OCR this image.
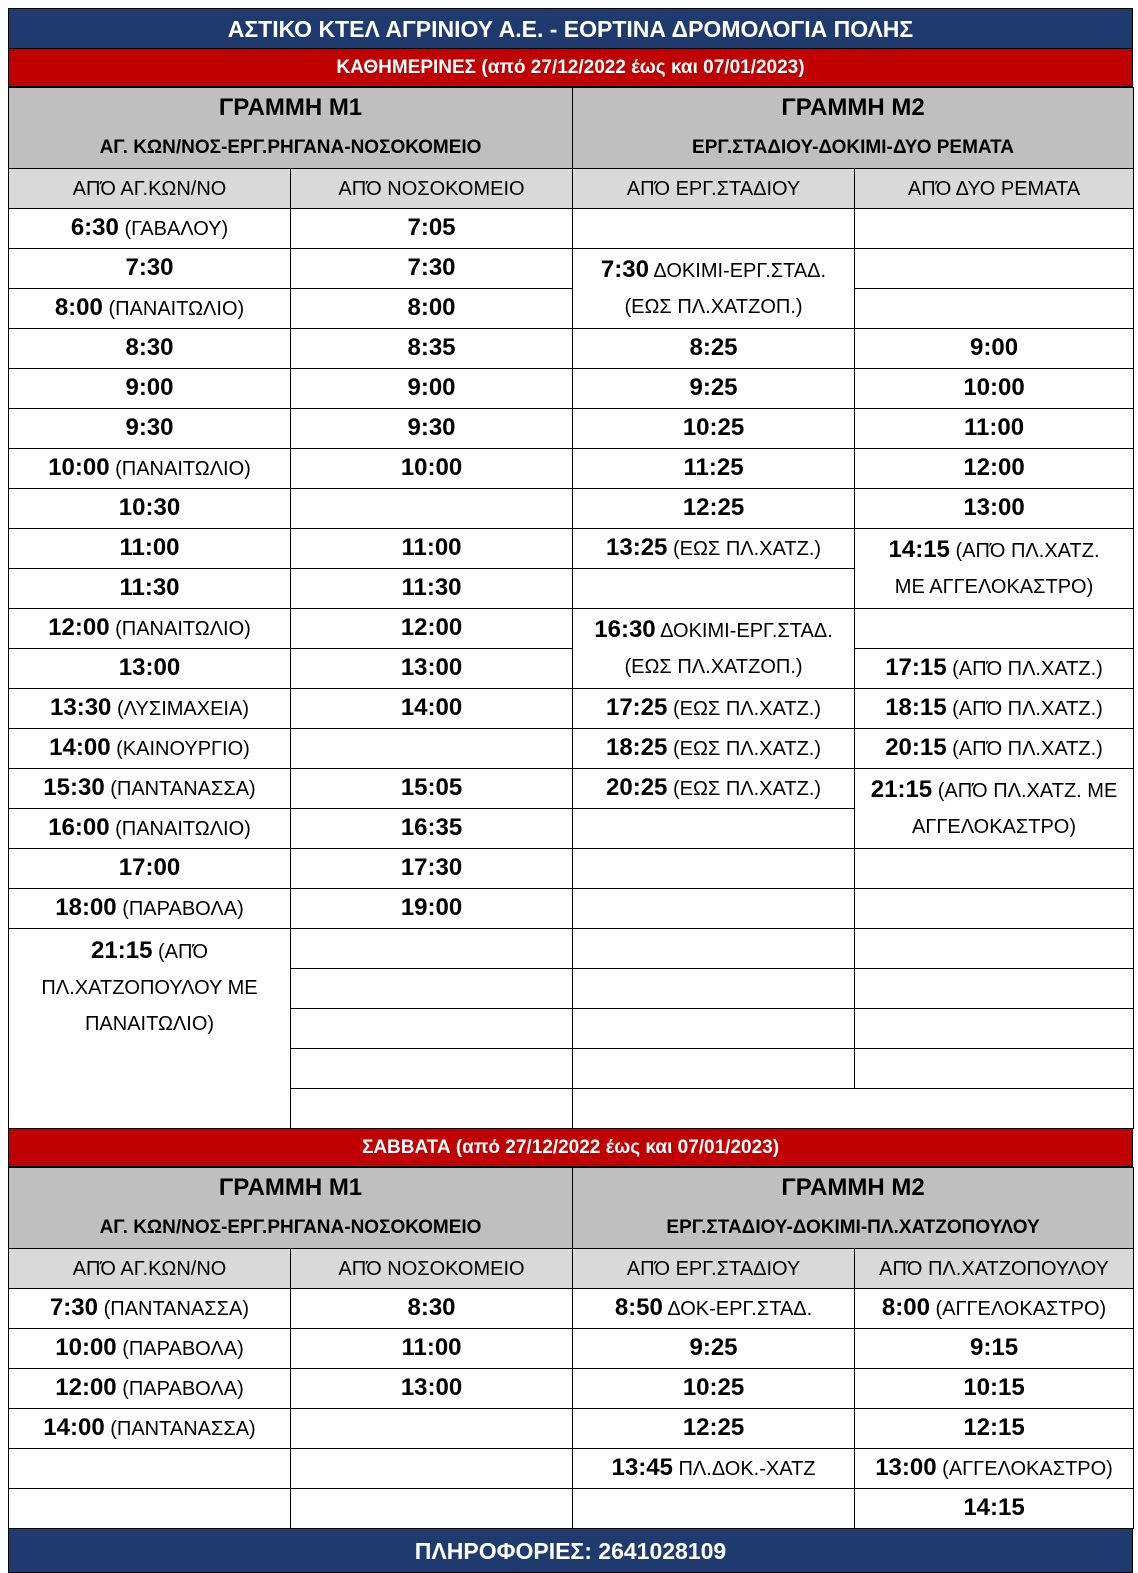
ΑΣΤΙΚΟ ΚΤΕΛ ΑΓΡΙΝΙΟΥ Α.Ε. - ΕΟΡΤΙΝΑ ΔΡΟΜΟΛΟΓΙΑ ΠΟΛΗΣ
ΚΑΘΗΜΕΡΙΝΕΣ (από 27/12/2022 έως και 07/01/2023)
ΓΡΑΜΜΗ Μ1
ΑΓ. ΚΩΝ/ΝΟΣ-ΕΡΓ.ΡΗΓΑΝΑ-ΝΟΣΟΚΟΜΕΙΟ		ΓΡΑΜΜΗ Μ2
ΕΡΓ.ΣΤΑΔΙΟΥ-ΔΟΚΙΜΙ-ΔΥΟ ΡΕΜΑΤΑ	

ΑΠΌ ΑΓ.ΚΩΝ/ΝΟ	ΑΠΌ ΝΟΣΟΚΟΜΕΙΟ	ΑΠΌ ΕΡΓ.ΣΤΑΔΙΟΥ	ΑΠΌ ΔΥΟ ΡΕΜΑΤΑ
6:30 (ΓΑΒΑΛΟΥ)	7:05		
7:30	7:30	7:30 ΔΟΚΙΜΙ-ΕΡΓ.ΣΤΑΔ.
(ΕΩΣ ΠΛ.ΧΑΤΖΟΠ.)	
8:00 (ΠΑΝΑΙΤΩΛΙΟ)	8:00		
8:30	8:35	8:25	9:00
9:00	9:00	9:25	10:00
9:30	9:30	10:25	11:00
10:00 (ΠΑΝΑΙΤΩΛΙΟ)	10:00	11:25	12:00
10:30		12:25	13:00
11:00	11:00	13:25 (ΕΩΣ ΠΛ.ΧΑΤΖ.)	14:15 (ΑΠΌ ΠΛ.ΧΑΤΖ.
ΜΕ ΑΓΓΕΛΟΚΑΣΤΡΟ)
11:30	11:30		
12:00 (ΠΑΝΑΙΤΩΛΙΟ)	12:00	16:30 ΔΟΚΙΜΙ-ΕΡΓ.ΣΤΑΔ.
(ΕΩΣ ΠΛ.ΧΑΤΖΟΠ.)	
13:00	13:00		17:15 (ΑΠΌ ΠΛ.ΧΑΤΖ.)
13:30 (ΛΥΣΙΜΑΧΕΙΑ)	14:00	17:25 (ΕΩΣ ΠΛ.ΧΑΤΖ.)	18:15 (ΑΠΌ ΠΛ.ΧΑΤΖ.)
14:00 (ΚΑΙΝΟΥΡΓΙΟ)		18:25 (ΕΩΣ ΠΛ.ΧΑΤΖ.)	20:15 (ΑΠΌ ΠΛ.ΧΑΤΖ.)
15:30 (ΠΑΝΤΑΝΑΣΣΑ)	15:05	20:25 (ΕΩΣ ΠΛ.ΧΑΤΖ.)	21:15 (ΑΠΌ ΠΛ.ΧΑΤΖ. ΜΕ
ΑΓΓΕΛΟΚΑΣΤΡΟ)
16:00 (ΠΑΝΑΙΤΩΛΙΟ)	16:35		
17:00	17:30		
18:00 (ΠΑΡΑΒΟΛΑ)	19:00		
21:15 (ΑΠΌ
ΠΛ.ΧΑΤΖΟΠΟΥΛΟΥ ΜΕ
ΠΑΝΑΙΤΩΛΙΟ)			

ΣΑΒΒΑΤΑ (από 27/12/2022 έως και 07/01/2023)
ΓΡΑΜΜΗ Μ1
ΑΓ. ΚΩΝ/ΝΟΣ-ΕΡΓ.ΡΗΓΑΝΑ-ΝΟΣΟΚΟΜΕΙΟ		ΓΡΑΜΜΗ Μ2
ΕΡΓ.ΣΤΑΔΙΟΥ-ΔΟΚΙΜΙ-ΠΛ.ΧΑΤΖΟΠΟΥΛΟΥ	

ΑΠΌ ΑΓ.ΚΩΝ/ΝΟ	ΑΠΌ ΝΟΣΟΚΟΜΕΙΟ	ΑΠΌ ΕΡΓ.ΣΤΑΔΙΟΥ	ΑΠΌ ΠΛ.ΧΑΤΖΟΠΟΥΛΟΥ
7:30 (ΠΑΝΤΑΝΑΣΣΑ)	8:30	8:50 ΔΟΚ-ΕΡΓ.ΣΤΑΔ.	8:00 (ΑΓΓΕΛΟΚΑΣΤΡΟ)
10:00 (ΠΑΡΑΒΟΛΑ)	11:00	9:25	9:15
12:00 (ΠΑΡΑΒΟΛΑ)	13:00	10:25	10:15
14:00 (ΠΑΝΤΑΝΑΣΣΑ)		12:25	12:15
		13:45 ΠΛ.ΔΟΚ.-ΧΑΤΖ	13:00 (ΑΓΓΕΛΟΚΑΣΤΡΟ)
			14:15
ΠΛΗΡΟΦΟΡΙΕΣ: 2641028109
